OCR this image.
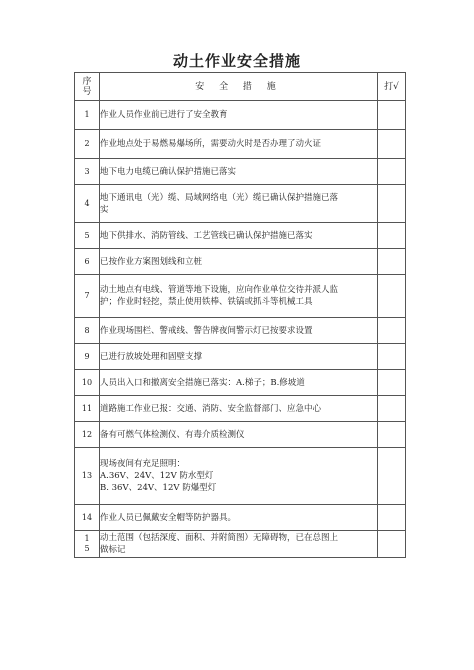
动土作业安全措施
序
号	安 全 措 施	打√
1	作业人员作业前已进行了安全教育	

2	作业地点处于易燃易爆场所，需要动火时是否办理了动火证	

3	地下电力电缆已确认保护措施已落实	

4	地下通讯电（光）缆、局域网络电（光）缆已确认保护措施已落
实	

5	地下供排水、消防管线、工艺管线已确认保护措施已落实	

6	已按作业方案图划线和立桩	

7	动土地点有电线、管道等地下设施，应向作业单位交待并派人监
护；作业时轻挖，禁止使用铁棒、铁镐或抓斗等机械工具	

8	作业现场围栏、警戒线、警告牌夜间警示灯已按要求设置	

9	已进行放坡处理和固壁支撑	

10	人员出入口和撤离安全措施已落实：A.梯子；B.修坡道	

11	道路施工作业已报：交通、消防、安全监督部门、应急中心	

12	备有可燃气体检测仪、有毒介质检测仪	

13	现场夜间有充足照明：
A.36V、24V、12V 防水型灯
B. 36V、24V、12V 防爆型灯	

14	作业人员已佩戴安全帽等防护器具。	

1
5	动土范围（包括深度、面积、并附简图）无障碍物，已在总图上
做标记	
